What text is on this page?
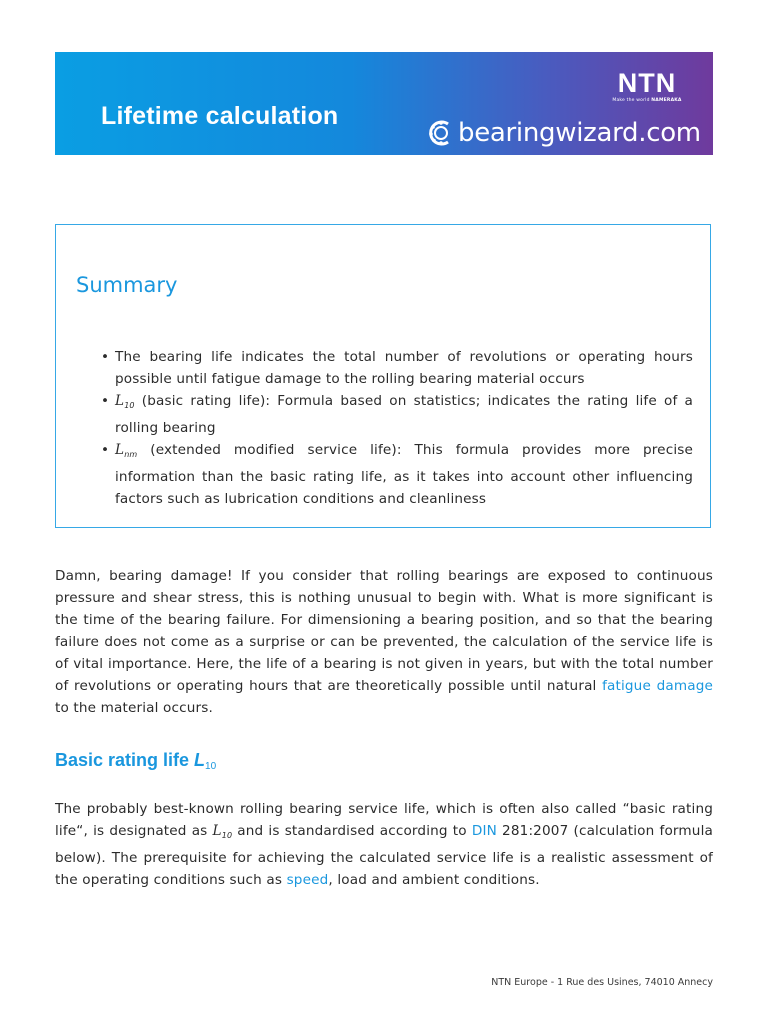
Lifetime calculation
NTN
Make the world NAMERAKA
bearingwizard.com
Summary
• The bearing life indicates the total number of revolutions or operating hours possible until fatigue damage to the rolling bearing material occurs
• $L_{10}$ (basic rating life): Formula based on statistics; indicates the rating life of a rolling bearing
• $L_{nm}$ (extended modified service life): This formula provides more precise information than the basic rating life, as it takes into account other influencing factors such as lubrication conditions and cleanliness
Damn, bearing damage! If you consider that rolling bearings are exposed to continuous pressure and shear stress, this is nothing unusual to begin with. What is more significant is the time of the bearing failure. For dimensioning a bearing position, and so that the bearing failure does not come as a surprise or can be prevented, the calculation of the service life is of vital importance. Here, the life of a bearing is not given in years, but with the total number of revolutions or operating hours that are theoretically possible until natural fatigue damage to the material occurs.
Basic rating life L10
The probably best-known rolling bearing service life, which is often also called “basic rating life“, is designated as $L_{10}$ and is standardised according to DIN 281:2007 (calculation formula below). The prerequisite for achieving the calculated service life is a realistic assessment of the operating conditions such as speed, load and ambient conditions.
NTN Europe - 1 Rue des Usines, 74010 Annecy
